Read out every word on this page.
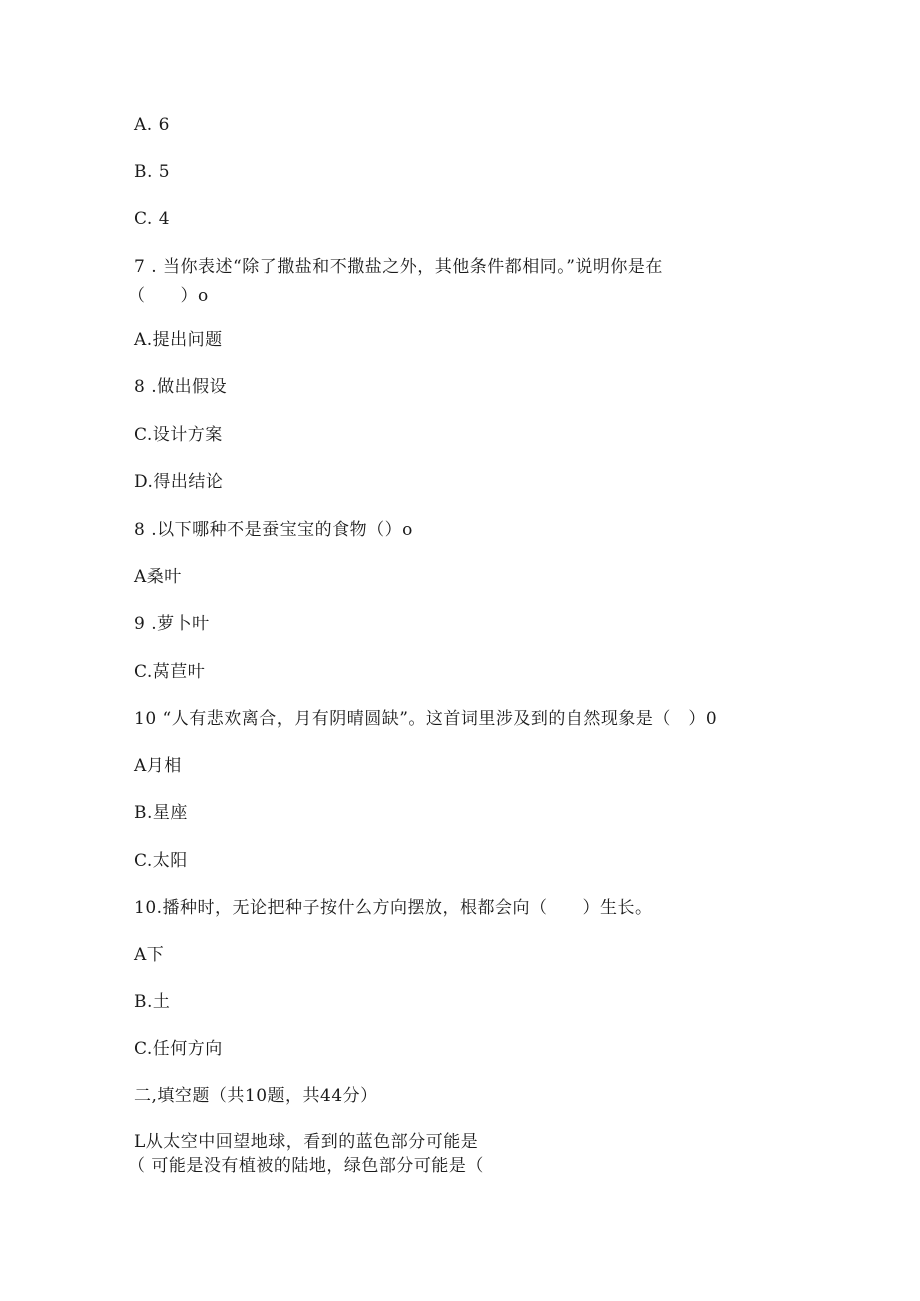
A. 6

B. 5

C. 4

7 . 当你表述“除了撒盐和不撒盐之外，其他条件都相同。”说明你是在

（　　）o

A.提出问题

8 .做出假设

C.设计方案

D.得出结论

8 .以下哪种不是蚕宝宝的食物（）o

A桑叶

9 .萝卜叶

C.莴苣叶

10 “人有悲欢离合，月有阴晴圆缺”。这首词里涉及到的自然现象是（　）0

A月相

B.星座

C.太阳

10.播种时，无论把种子按什么方向摆放，根都会向（　　）生长。

A下

B.土

C.任何方向

二,填空题（共10题，共44分）

L从太空中回望地球，看到的蓝色部分可能是

（ 可能是没有植被的陆地，绿色部分可能是（
